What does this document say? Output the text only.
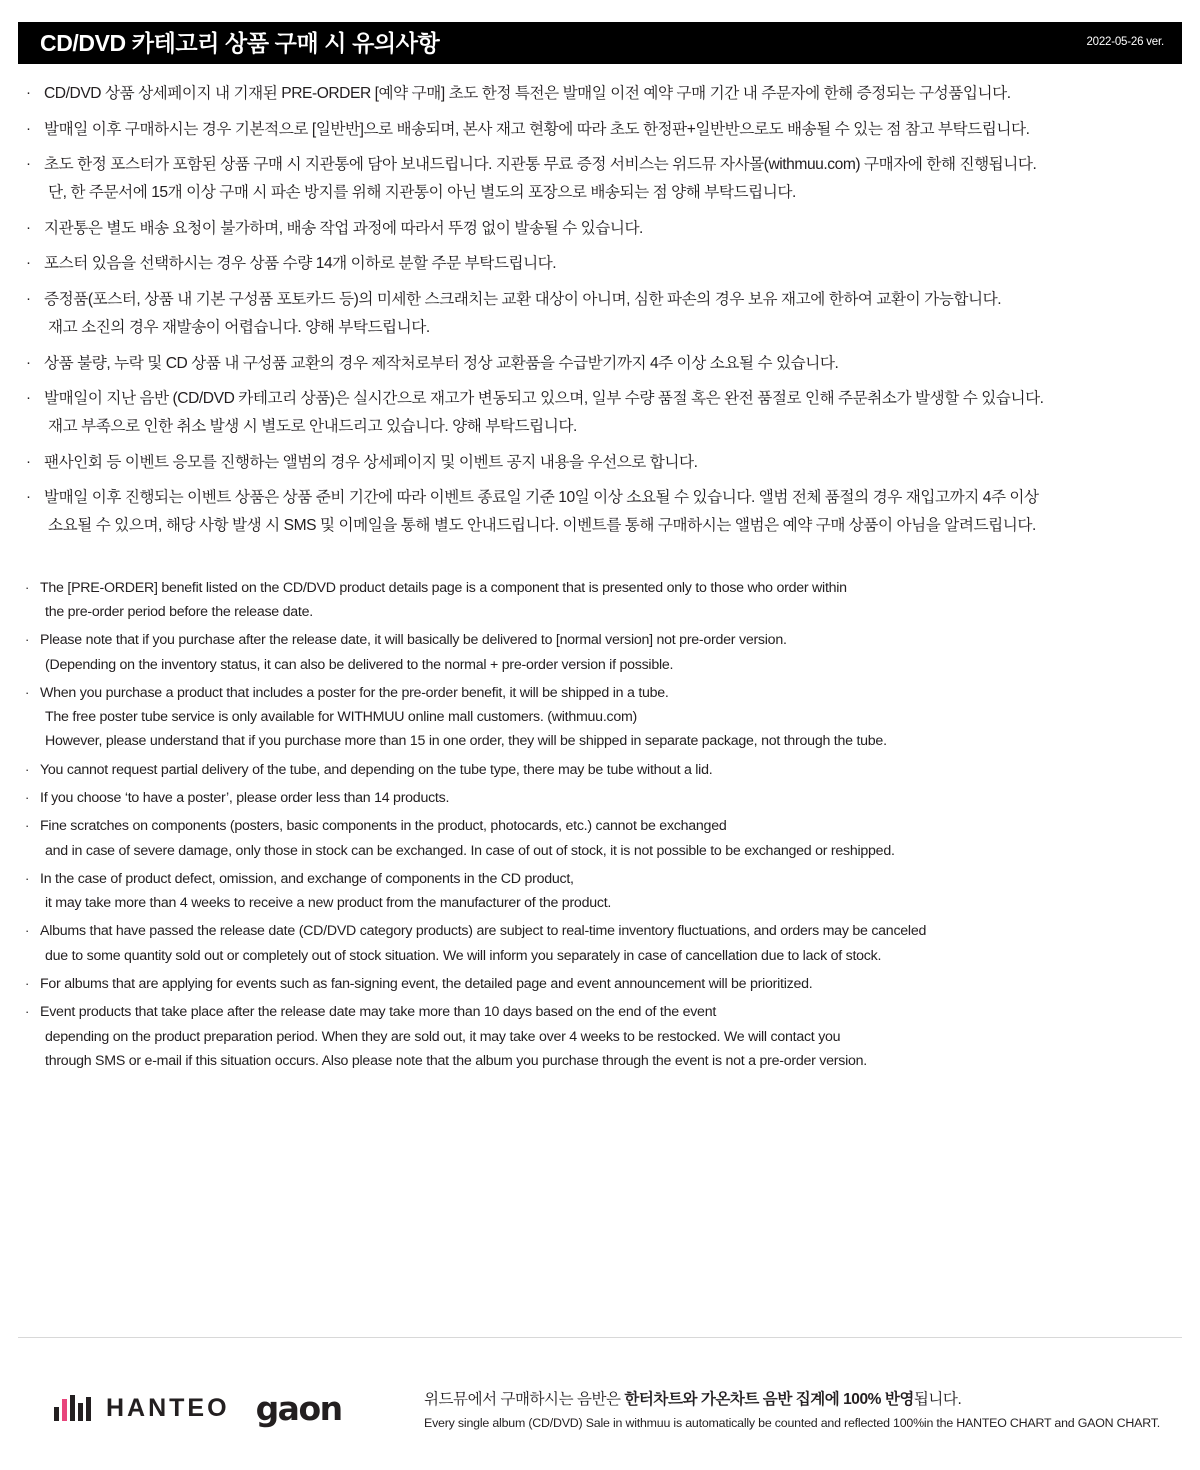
CD/DVD 카테고리 상품 구매 시 유의사항	2022-05-26 ver.
· CD/DVD 상품 상세페이지 내 기재된 PRE-ORDER [예약 구매] 초도 한정 특전은 발매일 이전 예약 구매 기간 내 주문자에 한해 증정되는 구성품입니다.
· 발매일 이후 구매하시는 경우 기본적으로 [일반반]으로 배송되며, 본사 재고 현황에 따라 초도 한정판+일반반으로도 배송될 수 있는 점 참고 부탁드립니다.
· 초도 한정 포스터가 포함된 상품 구매 시 지관통에 담아 보내드립니다. 지관통 무료 증정 서비스는 위드뮤 자사몰(withmuu.com) 구매자에 한해 진행됩니다.
단, 한 주문서에 15개 이상 구매 시 파손 방지를 위해 지관통이 아닌 별도의 포장으로 배송되는 점 양해 부탁드립니다.
· 지관통은 별도 배송 요청이 불가하며, 배송 작업 과정에 따라서 뚜껑 없이 발송될 수 있습니다.
· 포스터 있음을 선택하시는 경우 상품 수량 14개 이하로 분할 주문 부탁드립니다.
· 증정품(포스터, 상품 내 기본 구성품 포토카드 등)의 미세한 스크래치는 교환 대상이 아니며, 심한 파손의 경우 보유 재고에 한하여 교환이 가능합니다.
재고 소진의 경우 재발송이 어렵습니다. 양해 부탁드립니다.
· 상품 불량, 누락 및 CD 상품 내 구성품 교환의 경우 제작처로부터 정상 교환품을 수급받기까지 4주 이상 소요될 수 있습니다.
· 발매일이 지난 음반 (CD/DVD 카테고리 상품)은 실시간으로 재고가 변동되고 있으며, 일부 수량 품절 혹은 완전 품절로 인해 주문취소가 발생할 수 있습니다.
재고 부족으로 인한 취소 발생 시 별도로 안내드리고 있습니다. 양해 부탁드립니다.
· 팬사인회 등 이벤트 응모를 진행하는 앨범의 경우 상세페이지 및 이벤트 공지 내용을 우선으로 합니다.
· 발매일 이후 진행되는 이벤트 상품은 상품 준비 기간에 따라 이벤트 종료일 기준 10일 이상 소요될 수 있습니다. 앨범 전체 품절의 경우 재입고까지 4주 이상
소요될 수 있으며, 해당 사항 발생 시 SMS 및 이메일을 통해 별도 안내드립니다. 이벤트를 통해 구매하시는 앨범은 예약 구매 상품이 아님을 알려드립니다.
· The [PRE-ORDER] benefit listed on the CD/DVD product details page is a component that is presented only to those who order within
the pre-order period before the release date.
· Please note that if you purchase after the release date, it will basically be delivered to [normal version] not pre-order version.
(Depending on the inventory status, it can also be delivered to the normal + pre-order version if possible.
· When you purchase a product that includes a poster for the pre-order benefit, it will be shipped in a tube.
The free poster tube service is only available for WITHMUU online mall customers. (withmuu.com)
However, please understand that if you purchase more than 15 in one order, they will be shipped in separate package, not through the tube.
· You cannot request partial delivery of the tube, and depending on the tube type, there may be tube without a lid.
· If you choose ‘to have a poster’, please order less than 14 products.
· Fine scratches on components (posters, basic components in the product, photocards, etc.) cannot be exchanged
and in case of severe damage, only those in stock can be exchanged. In case of out of stock, it is not possible to be exchanged or reshipped.
· In the case of product defect, omission, and exchange of components in the CD product,
it may take more than 4 weeks to receive a new product from the manufacturer of the product.
· Albums that have passed the release date (CD/DVD category products) are subject to real-time inventory fluctuations, and orders may be canceled
due to some quantity sold out or completely out of stock situation. We will inform you separately in case of cancellation due to lack of stock.
· For albums that are applying for events such as fan-signing event, the detailed page and event announcement will be prioritized.
· Event products that take place after the release date may take more than 10 days based on the end of the event
depending on the product preparation period. When they are sold out, it may take over 4 weeks to be restocked. We will contact you
through SMS or e-mail if this situation occurs. Also please note that the album you purchase through the event is not a pre-order version.
HANTEO gaon	위드뮤에서 구매하시는 음반은 한터차트와 가온차트 음반 집계에 100% 반영됩니다.
Every single album (CD/DVD) Sale in withmuu is automatically be counted and reflected 100%in the HANTEO CHART and GAON CHART.
